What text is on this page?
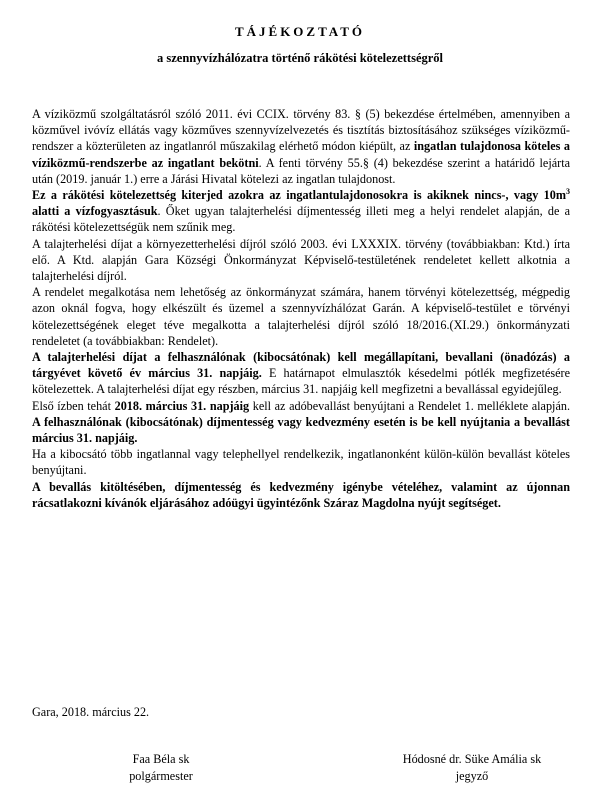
TÁJÉKOZTATÓ
a szennyvízhálózatra történő rákötési kötelezettségről

A víziközmű szolgáltatásról szóló 2011. évi CCIX. törvény 83. § (5) bekezdése értelmében, amennyiben a közművel ivóvíz ellátás vagy közműves szennyvízelvezetés és tisztítás biztosításához szükséges víziközmű-rendszer a közterületen az ingatlanról műszakilag elérhető módon kiépült, az ingatlan tulajdonosa köteles a víziközmű-rendszerbe az ingatlant bekötni. A fenti törvény 55.§ (4) bekezdése szerint a határidő lejárta után (2019. január 1.) erre a Járási Hivatal kötelezi az ingatlan tulajdonost.

Ez a rákötési kötelezettség kiterjed azokra az ingatlantulajdonosokra is akiknek nincs-, vagy $10m^3$ alatti a vízfogyasztásuk. Őket ugyan talajterhelési díjmentesség illeti meg a helyi rendelet alapján, de a rákötési kötelezettségük nem szűnik meg.

A talajterhelési díjat a környezetterhelési díjról szóló 2003. évi LXXXIX. törvény (továbbiakban: Ktd.) írta elő. A Ktd. alapján Gara Községi Önkormányzat Képviselő-testületének rendeletet kellett alkotnia a talajterhelési díjról.

A rendelet megalkotása nem lehetőség az önkormányzat számára, hanem törvényi kötelezettség, mégpedig azon oknál fogva, hogy elkészült és üzemel a szennyvízhálózat Garán. A képviselő-testület e törvényi kötelezettségének eleget téve megalkotta a talajterhelési díjról szóló 18/2016.(XI.29.) önkormányzati rendeletet (a továbbiakban: Rendelet).

A talajterhelési díjat a felhasználónak (kibocsátónak) kell megállapítani, bevallani (önadózás) a tárgyévet követő év március 31. napjáig. E határnapot elmulasztók késedelmi pótlék megfizetésére kötelezettek. A talajterhelési díjat egy részben, március 31. napjáig kell megfizetni a bevallással egyidejűleg.

Első ízben tehát 2018. március 31. napjáig kell az adóbevallást benyújtani a Rendelet 1. melléklete alapján. A felhasználónak (kibocsátónak) díjmentesség vagy kedvezmény esetén is be kell nyújtania a bevallást március 31. napjáig.

Ha a kibocsátó több ingatlannal vagy telephellyel rendelkezik, ingatlanonként külön-külön bevallást köteles benyújtani.

A bevallás kitöltésében, díjmentesség és kedvezmény igénybe vételéhez, valamint az újonnan rácsatlakozni kívánók eljárásához adóügyi ügyintézőnk Száraz Magdolna nyújt segítséget.

Gara, 2018. március 22.
Faa Béla sk
polgármester
Hódosné dr. Süke Amália sk
jegyző
